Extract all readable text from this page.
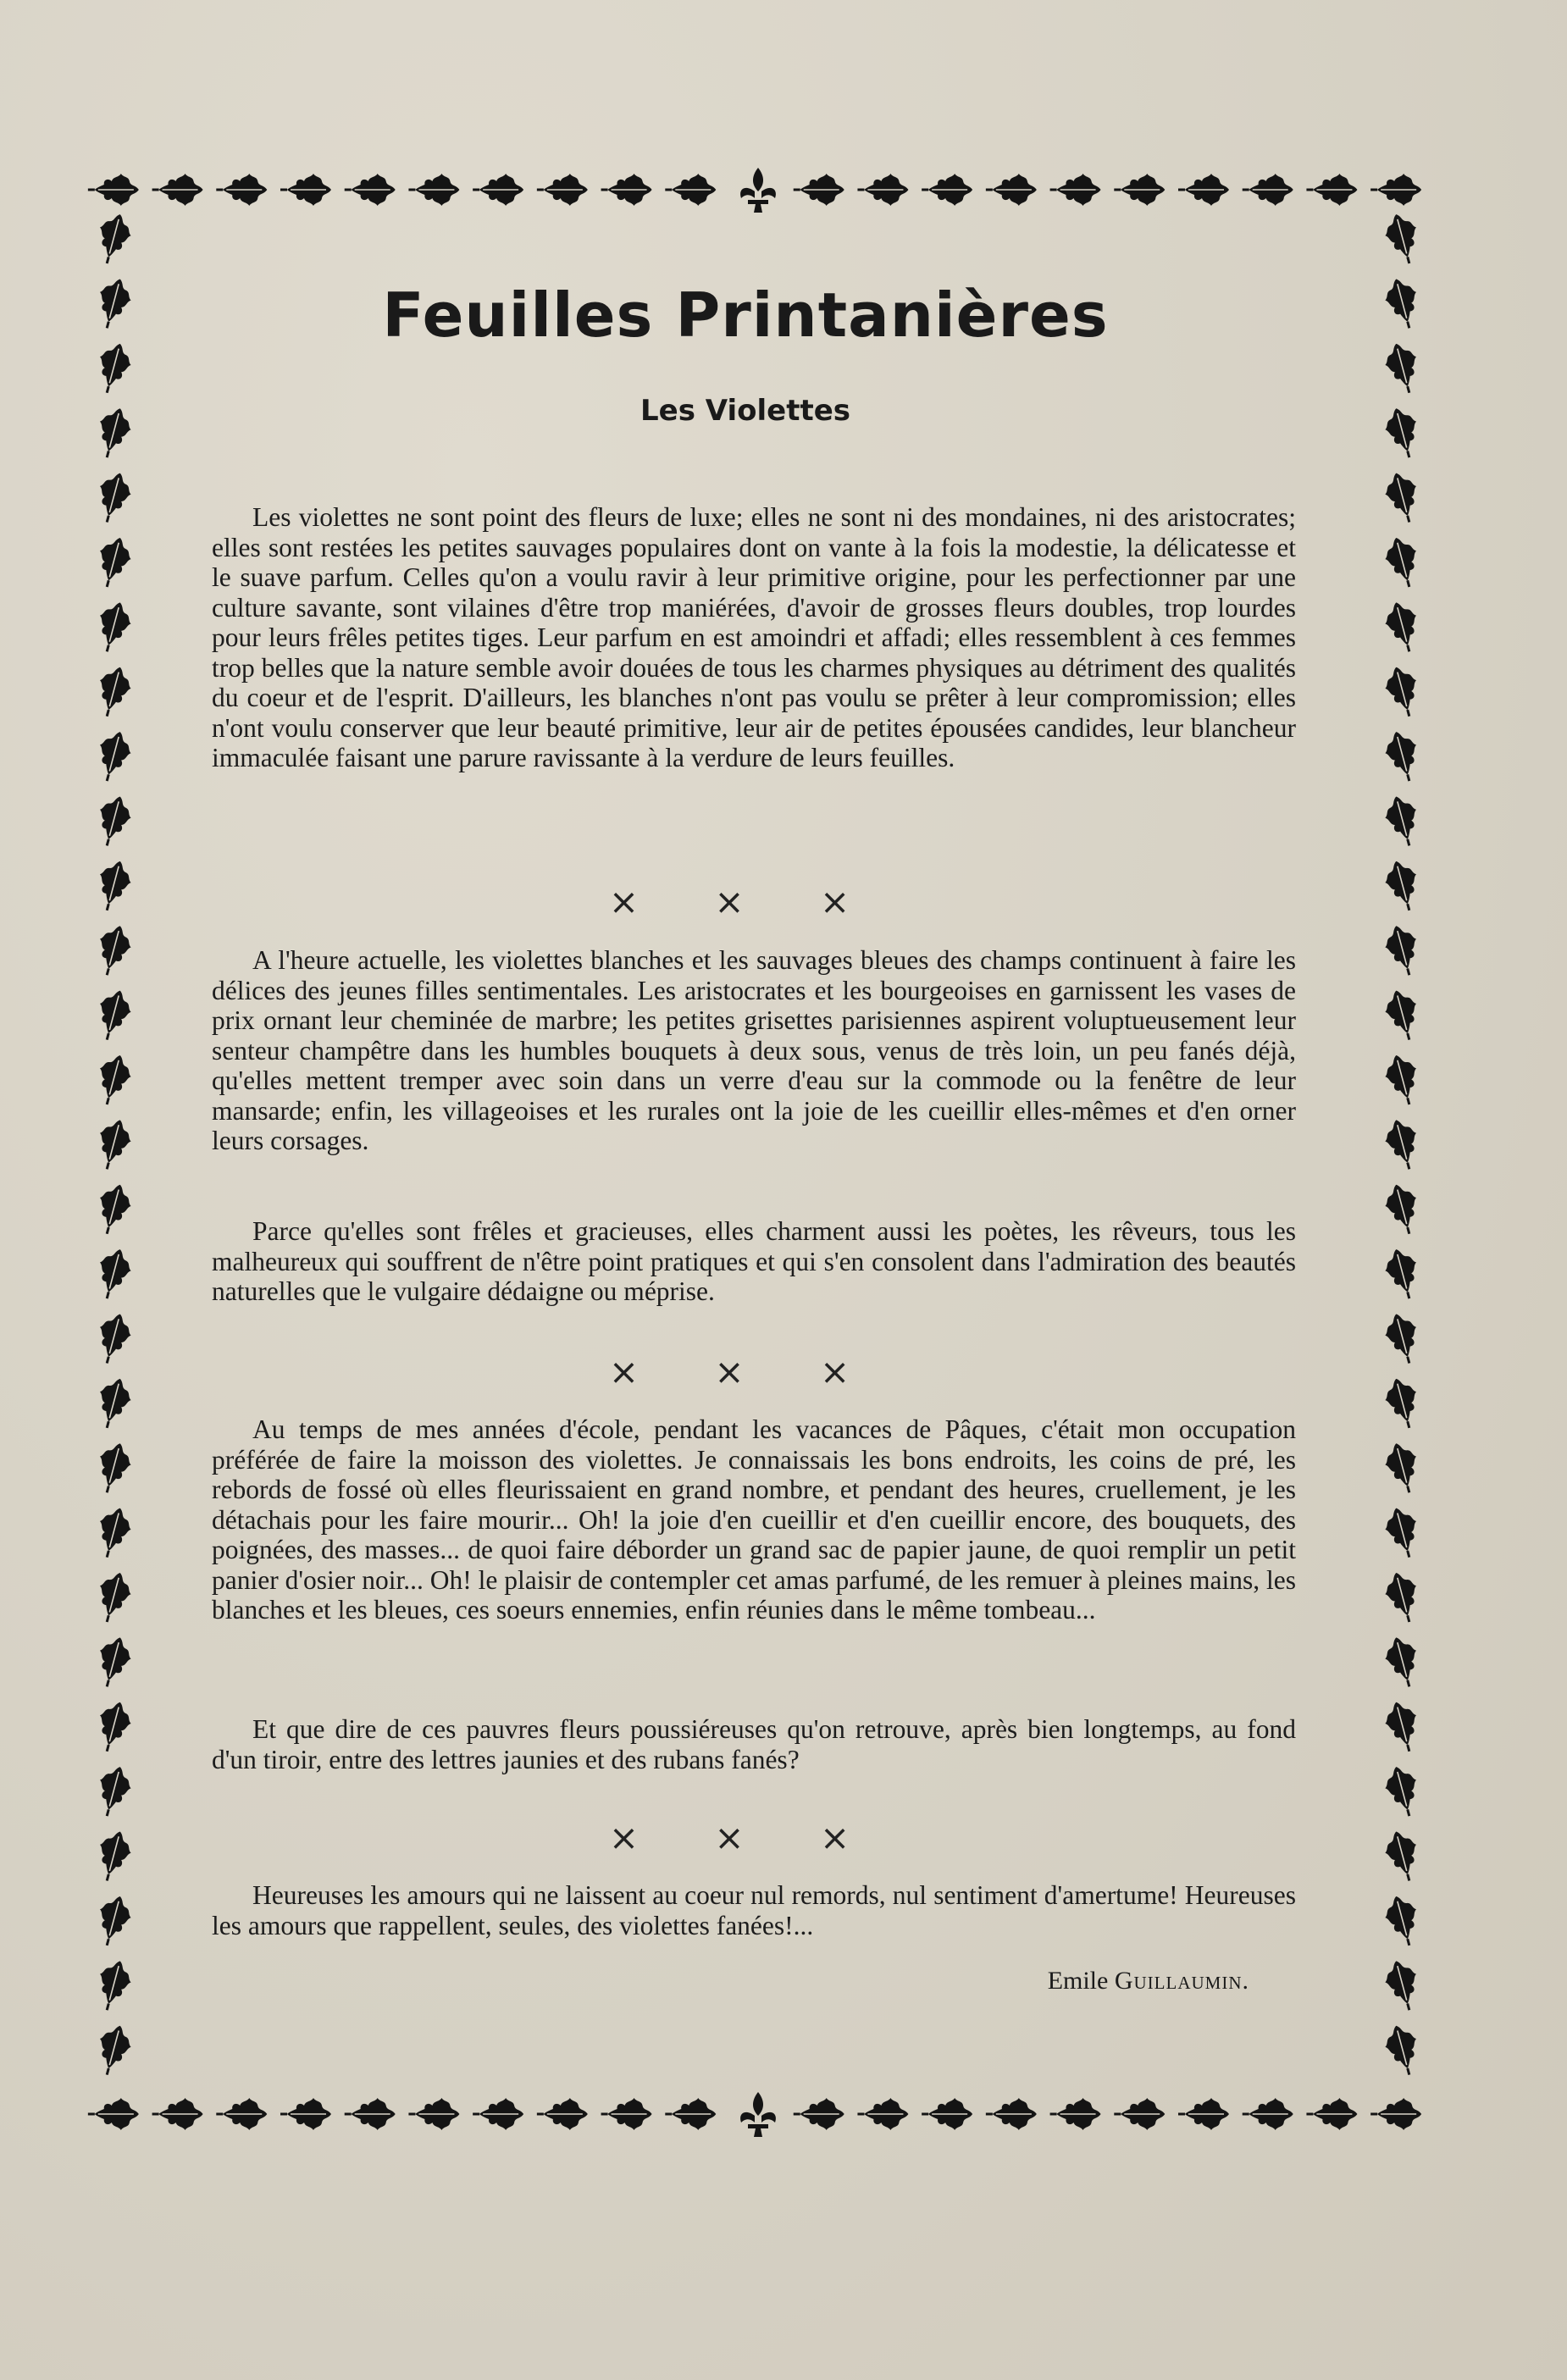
Feuilles Printanières
Les Violettes

Les violettes ne sont point des fleurs de luxe; elles ne sont ni des mondaines, ni des aristocrates; elles sont restées les petites sauvages populaires dont on vante à la fois la modestie, la délicatesse et le suave parfum. Celles qu'on a voulu ravir à leur primitive origine, pour les perfectionner par une culture savante, sont vilaines d'être trop maniérées, d'avoir de grosses fleurs doubles, trop lourdes pour leurs frêles petites tiges. Leur parfum en est amoindri et affadi; elles ressemblent à ces femmes trop belles que la nature semble avoir douées de tous les charmes physiques au détriment des qualités du coeur et de l'esprit. D'ailleurs, les blanches n'ont pas voulu se prêter à leur compromission; elles n'ont voulu conserver que leur beauté primitive, leur air de petites épousées candides, leur blancheur immaculée faisant une parure ravissante à la verdure de leurs feuilles.

× × ×

A l'heure actuelle, les violettes blanches et les sauvages bleues des champs continuent à faire les délices des jeunes filles sentimentales. Les aristocrates et les bourgeoises en garnissent les vases de prix ornant leur cheminée de marbre; les petites grisettes parisiennes aspirent voluptueusement leur senteur champêtre dans les humbles bouquets à deux sous, venus de très loin, un peu fanés déjà, qu'elles mettent tremper avec soin dans un verre d'eau sur la commode ou la fenêtre de leur mansarde; enfin, les villageoises et les rurales ont la joie de les cueillir elles-mêmes et d'en orner leurs corsages.

Parce qu'elles sont frêles et gracieuses, elles charment aussi les poètes, les rêveurs, tous les malheureux qui souffrent de n'être point pratiques et qui s'en consolent dans l'admiration des beautés naturelles que le vulgaire dédaigne ou méprise.

× × ×

Au temps de mes années d'école, pendant les vacances de Pâques, c'était mon occupation préférée de faire la moisson des violettes. Je connaissais les bons endroits, les coins de pré, les rebords de fossé où elles fleurissaient en grand nombre, et pendant des heures, cruellement, je les détachais pour les faire mourir... Oh! la joie d'en cueillir et d'en cueillir encore, des bouquets, des poignées, des masses... de quoi faire déborder un grand sac de papier jaune, de quoi remplir un petit panier d'osier noir... Oh! le plaisir de contempler cet amas parfumé, de les remuer à pleines mains, les blanches et les bleues, ces soeurs ennemies, enfin réunies dans le même tombeau...

Et que dire de ces pauvres fleurs poussiéreuses qu'on retrouve, après bien longtemps, au fond d'un tiroir, entre des lettres jaunies et des rubans fanés?

× × ×

Heureuses les amours qui ne laissent au coeur nul remords, nul sentiment d'amertume! Heureuses les amours que rappellent, seules, des violettes fanées!...

Emile Guillaumin.
